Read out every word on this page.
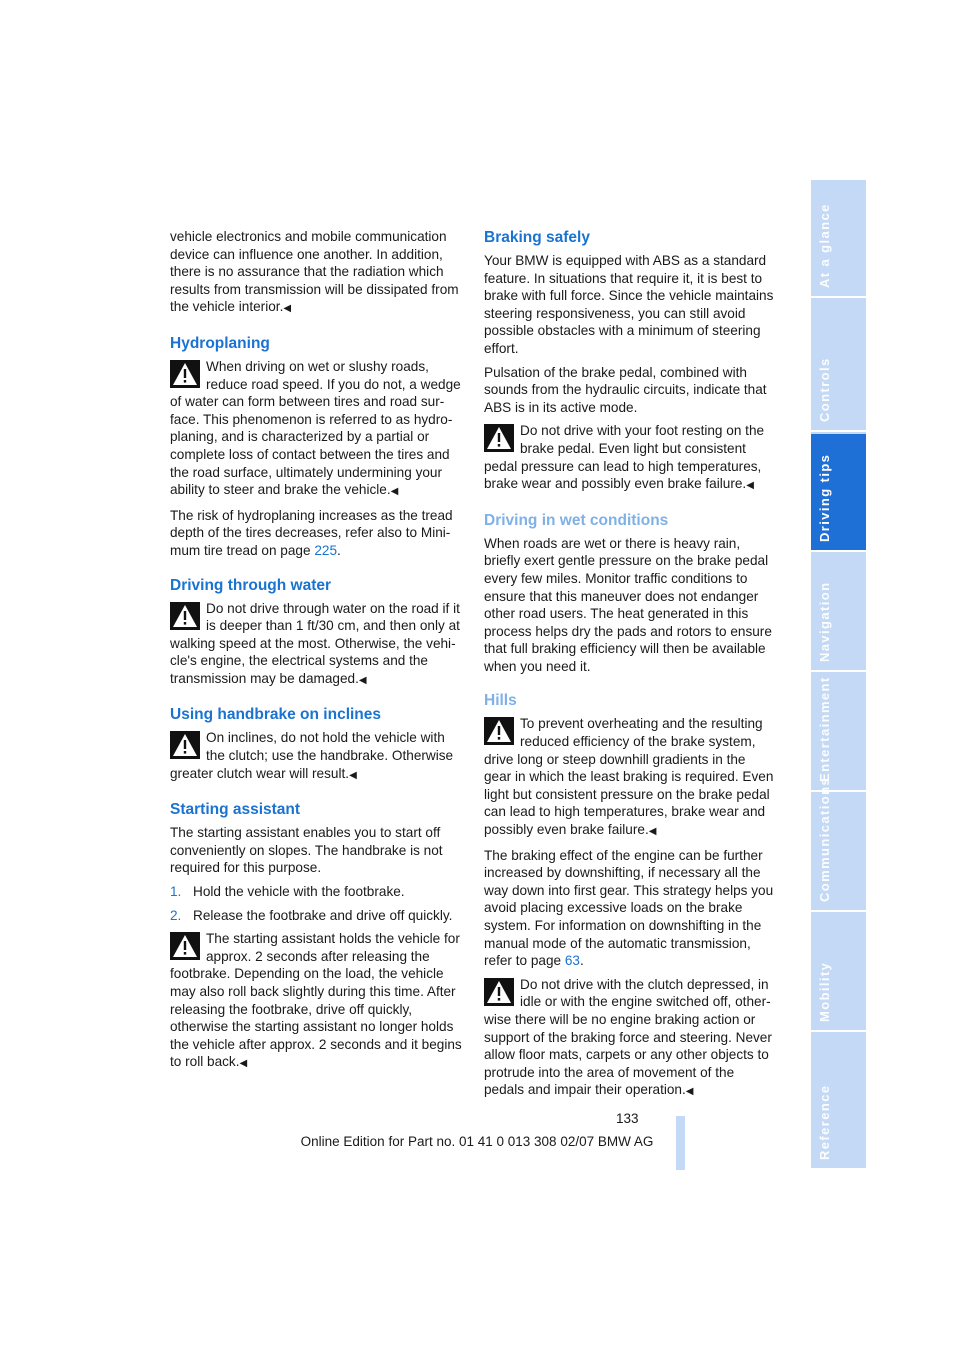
vehicle electronics and mobile communication device can influence one another. In addition, there is no assurance that the radiation which results from transmission will be dissipated from the vehicle interior.◀

Hydroplaning

When driving on wet or slushy roads, reduce road speed. If you do not, a wedge of water can form between tires and road surface. This phenomenon is referred to as hydroplaning, and is characterized by a partial or complete loss of contact between the tires and the road surface, ultimately undermining your ability to steer and brake the vehicle.◀

The risk of hydroplaning increases as the tread depth of the tires decreases, refer also to Minimum tire tread on page 225.

Driving through water

Do not drive through water on the road if it is deeper than 1 ft/30 cm, and then only at walking speed at the most. Otherwise, the vehicle's engine, the electrical systems and the transmission may be damaged.◀

Using handbrake on inclines

On inclines, do not hold the vehicle with the clutch; use the handbrake. Otherwise greater clutch wear will result.◀

Starting assistant

The starting assistant enables you to start off conveniently on slopes. The handbrake is not required for this purpose.

1. Hold the vehicle with the footbrake.
2. Release the footbrake and drive off quickly.

The starting assistant holds the vehicle for approx. 2 seconds after releasing the footbrake. Depending on the load, the vehicle may also roll back slightly during this time. After releasing the footbrake, drive off quickly, otherwise the starting assistant no longer holds the vehicle after approx. 2 seconds and it begins to roll back.◀

Braking safely

Your BMW is equipped with ABS as a standard feature. In situations that require it, it is best to brake with full force. Since the vehicle maintains steering responsiveness, you can still avoid possible obstacles with a minimum of steering effort.

Pulsation of the brake pedal, combined with sounds from the hydraulic circuits, indicate that ABS is in its active mode.

Do not drive with your foot resting on the brake pedal. Even light but consistent pedal pressure can lead to high temperatures, brake wear and possibly even brake failure.◀

Driving in wet conditions

When roads are wet or there is heavy rain, briefly exert gentle pressure on the brake pedal every few miles. Monitor traffic conditions to ensure that this maneuver does not endanger other road users. The heat generated in this process helps dry the pads and rotors to ensure that full braking efficiency will then be available when you need it.

Hills

To prevent overheating and the resulting reduced efficiency of the brake system, drive long or steep downhill gradients in the gear in which the least braking is required. Even light but consistent pressure on the brake pedal can lead to high temperatures, brake wear and possibly even brake failure.◀

The braking effect of the engine can be further increased by downshifting, if necessary all the way down into first gear. This strategy helps you avoid placing excessive loads on the brake system. For information on downshifting in the manual mode of the automatic transmission, refer to page 63.

Do not drive with the clutch depressed, in idle or with the engine switched off, otherwise there will be no engine braking action or support of the braking force and steering. Never allow floor mats, carpets or any other objects to protrude into the area of movement of the pedals and impair their operation.◀

At a glance
Controls
Driving tips
Navigation
Entertainment
Communications
Mobility
Reference
133
Online Edition for Part no. 01 41 0 013 308 02/07 BMW AG
